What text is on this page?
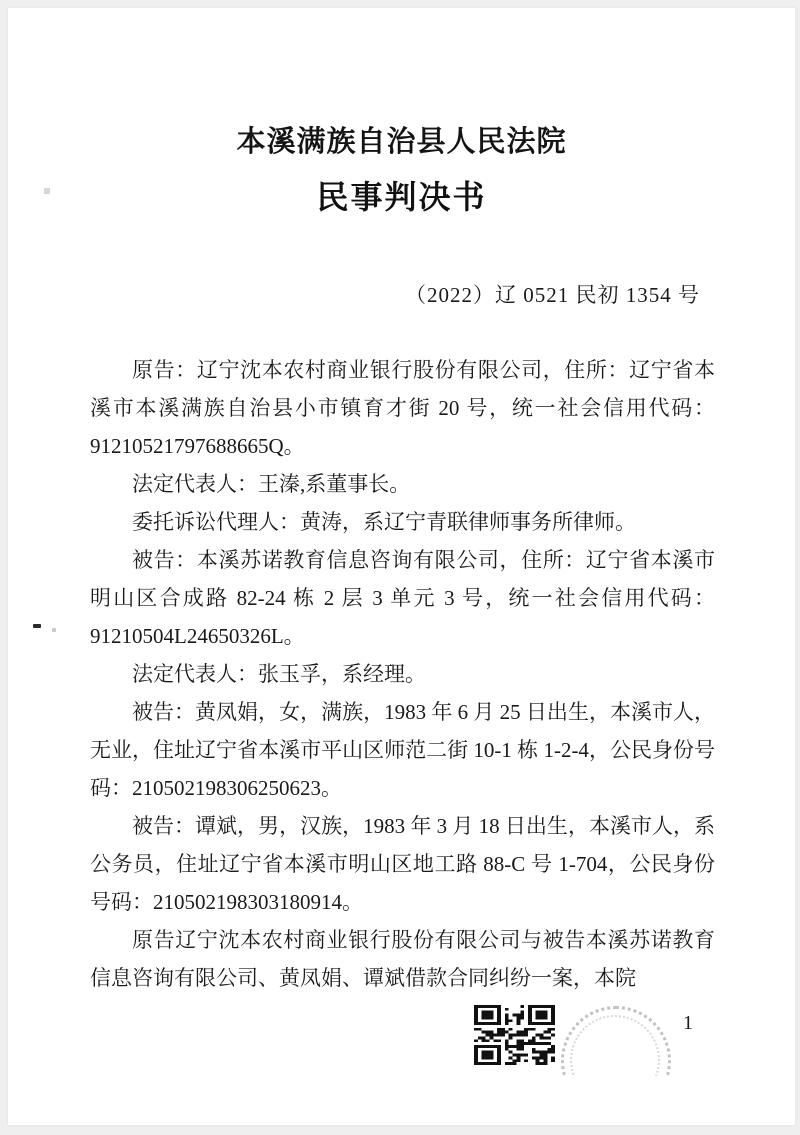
本溪满族自治县人民法院
民事判决书
（2022）辽 0521 民初 1354 号

原告：辽宁沈本农村商业银行股份有限公司，住所：辽宁省本溪市本溪满族自治县小市镇育才街 20 号，统一社会信用代码：91210521797688665Q。

法定代表人：王溱,系董事长。

委托诉讼代理人：黄涛，系辽宁青联律师事务所律师。

被告：本溪苏诺教育信息咨询有限公司，住所：辽宁省本溪市明山区合成路 82-24 栋 2 层 3 单元 3 号，统一社会信用代码：91210504L24650326L。

法定代表人：张玉孚，系经理。

被告：黄凤娟，女，满族，1983 年 6 月 25 日出生，本溪市人，无业，住址辽宁省本溪市平山区师范二街 10-1 栋 1-2-4，公民身份号码：210502198306250623。

被告：谭斌，男，汉族，1983 年 3 月 18 日出生，本溪市人，系公务员，住址辽宁省本溪市明山区地工路 88-C 号 1-704，公民身份号码：210502198303180914。

原告辽宁沈本农村商业银行股份有限公司与被告本溪苏诺教育信息咨询有限公司、黄凤娟、谭斌借款合同纠纷一案，本院

1
